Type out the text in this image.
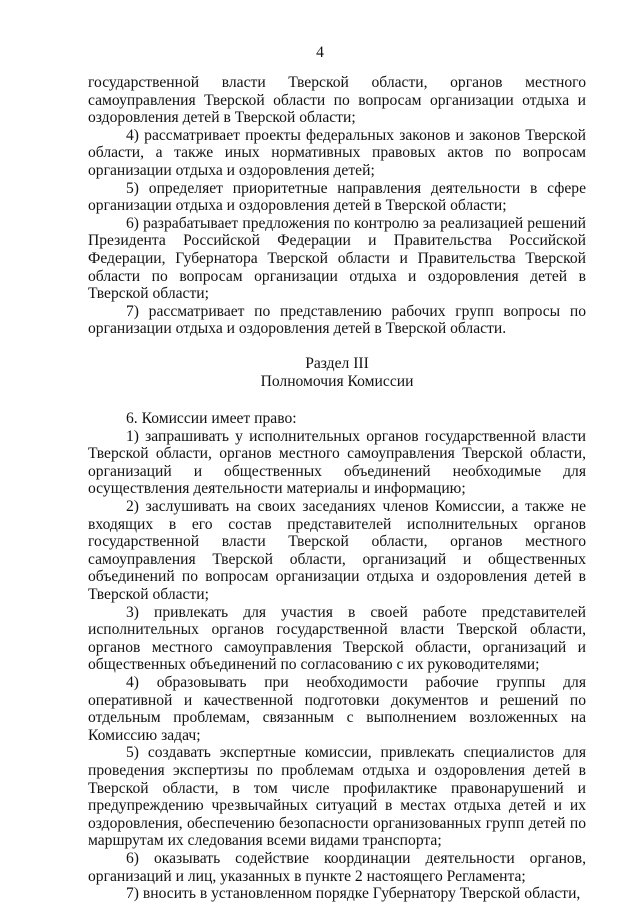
4

государственной власти Тверской области, органов местного самоуправления Тверской области по вопросам организации отдыха и оздоровления детей в Тверской области;

4) рассматривает проекты федеральных законов и законов Тверской области, а также иных нормативных правовых актов по вопросам организации отдыха и оздоровления детей;

5) определяет приоритетные направления деятельности в сфере организации отдыха и оздоровления детей в Тверской области;

6) разрабатывает предложения по контролю за реализацией решений Президента Российской Федерации и Правительства Российской Федерации, Губернатора Тверской области и Правительства Тверской области по вопросам организации отдыха и оздоровления детей в Тверской области;

7) рассматривает по представлению рабочих групп вопросы по организации отдыха и оздоровления детей в Тверской области.

Раздел III

Полномочия Комиссии

6. Комиссии имеет право:

1) запрашивать у исполнительных органов государственной власти Тверской области, органов местного самоуправления Тверской области, организаций и общественных объединений необходимые для осуществления деятельности материалы и информацию;

2) заслушивать на своих заседаниях членов Комиссии, а также не входящих в его состав представителей исполнительных органов государственной власти Тверской области, органов местного самоуправления Тверской области, организаций и общественных объединений по вопросам организации отдыха и оздоровления детей в Тверской области;

3) привлекать для участия в своей работе представителей исполнительных органов государственной власти Тверской области, органов местного самоуправления Тверской области, организаций и общественных объединений по согласованию с их руководителями;

4) образовывать при необходимости рабочие группы для оперативной и качественной подготовки документов и решений по отдельным проблемам, связанным с выполнением возложенных на Комиссию задач;

5) создавать экспертные комиссии, привлекать специалистов для проведения экспертизы по проблемам отдыха и оздоровления детей в Тверской области, в том числе профилактике правонарушений и предупреждению чрезвычайных ситуаций в местах отдыха детей и их оздоровления, обеспечению безопасности организованных групп детей по маршрутам их следования всеми видами транспорта;

6) оказывать содействие координации деятельности органов, организаций и лиц, указанных в пункте 2 настоящего Регламента;

7) вносить в установленном порядке Губернатору Тверской области,
